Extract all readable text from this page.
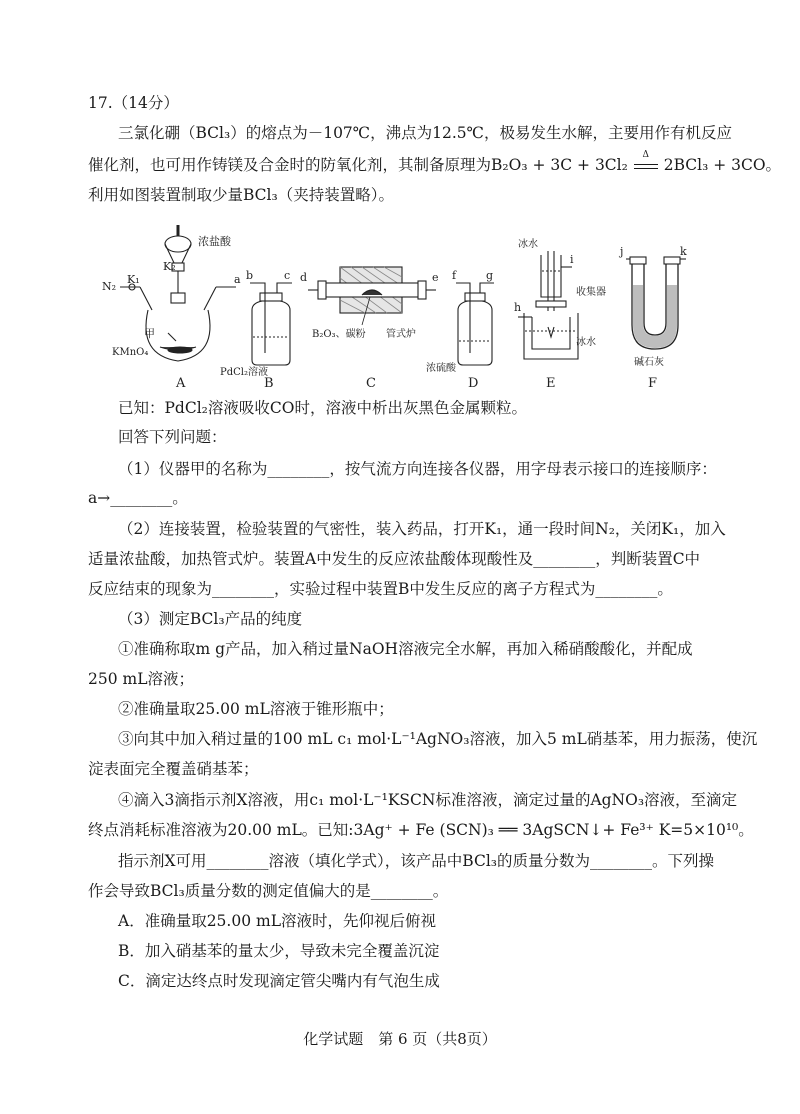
17.（14分）
三氯化硼（BCl₃）的熔点为－107℃，沸点为12.5℃，极易发生水解，主要用作有机反应
催化剂，也可用作铸镁及合金时的防氧化剂，其制备原理为B₂O₃ + 3C + 3Cl₂
Δ
2BCl₃ + 3CO。
利用如图装置制取少量BCl₃（夹持装置略）。
浓盐酸
K₂
N₂
K₁	a
甲
KMnO₄
A
b	c
PdCl₂溶液
B
d	e
B₂O₃、碳粉 管式炉
C
f	g
浓硫酸
D
冰水
i
h
收集器
冰水
E
j	k
碱石灰
F
已知：PdCl₂溶液吸收CO时，溶液中析出灰黑色金属颗粒。
回答下列问题：
（1）仪器甲的名称为________，按气流方向连接各仪器，用字母表示接口的连接顺序：
a→________。
（2）连接装置，检验装置的气密性，装入药品，打开K₁，通一段时间N₂，关闭K₁，加入
适量浓盐酸，加热管式炉。装置A中发生的反应浓盐酸体现酸性及________，判断装置C中
反应结束的现象为________，实验过程中装置B中发生反应的离子方程式为________。
（3）测定BCl₃产品的纯度
①准确称取m g产品，加入稍过量NaOH溶液完全水解，再加入稀硝酸酸化，并配成
250 mL溶液；
②准确量取25.00 mL溶液于锥形瓶中；
③向其中加入稍过量的100 mL c₁ mol·L⁻¹AgNO₃溶液，加入5 mL硝基苯，用力振荡，使沉
淀表面完全覆盖硝基苯；
④滴入3滴指示剂X溶液，用c₁ mol·L⁻¹KSCN标准溶液，滴定过量的AgNO₃溶液，至滴定
终点消耗标准溶液为20.00 mL。已知:3Ag⁺ + Fe (SCN)₃ ══ 3AgSCN↓+ Fe³⁺ K=5×10¹⁰。
指示剂X可用________溶液（填化学式），该产品中BCl₃的质量分数为________。下列操
作会导致BCl₃质量分数的测定值偏大的是________。
A．准确量取25.00 mL溶液时，先仰视后俯视
B．加入硝基苯的量太少，导致未完全覆盖沉淀
C．滴定达终点时发现滴定管尖嘴内有气泡生成
化学试题　第 6 页（共8页）
